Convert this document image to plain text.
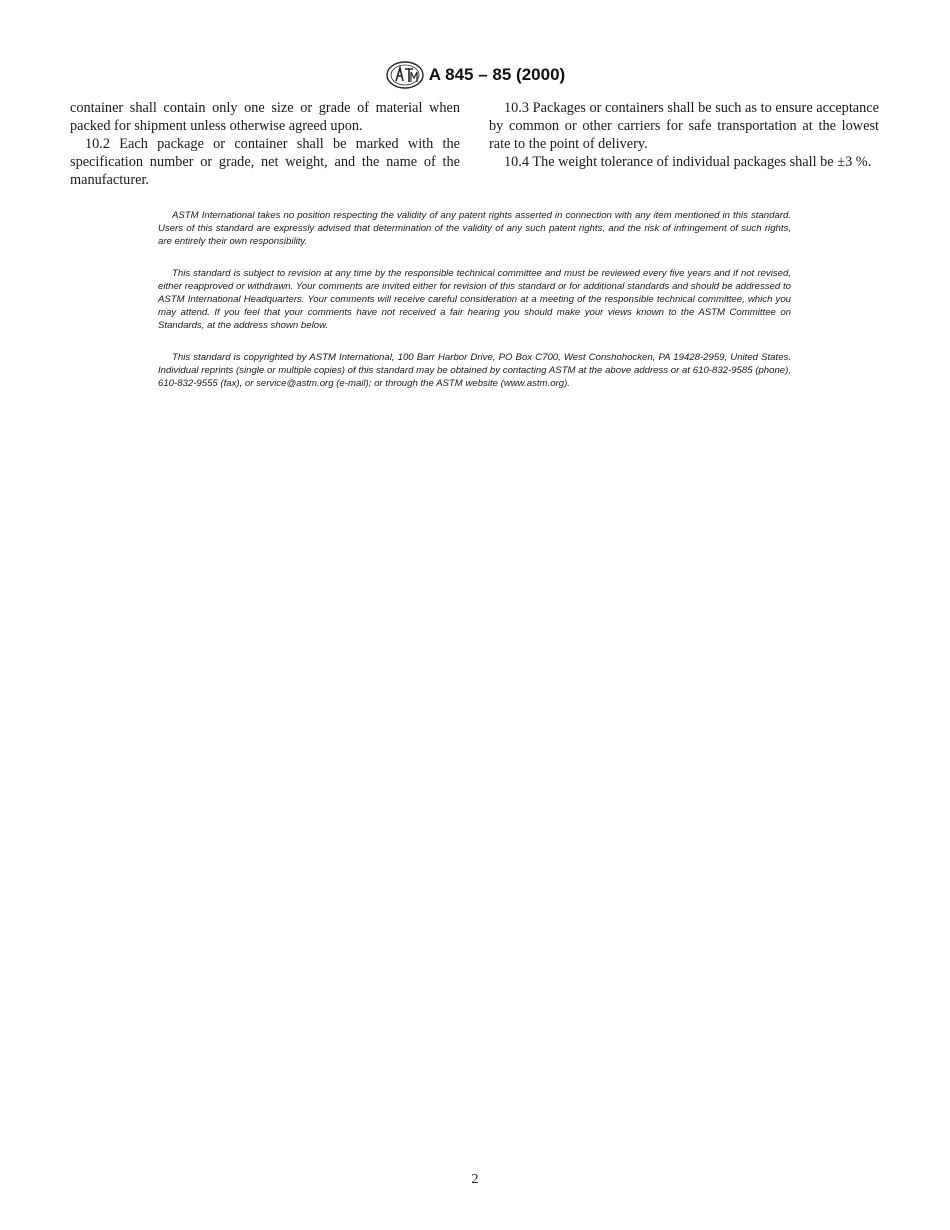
A 845 – 85 (2000)

container shall contain only one size or grade of material when packed for shipment unless otherwise agreed upon.

10.2 Each package or container shall be marked with the specification number or grade, net weight, and the name of the manufacturer.

10.3 Packages or containers shall be such as to ensure acceptance by common or other carriers for safe transportation at the lowest rate to the point of delivery.

10.4 The weight tolerance of individual packages shall be ±3 %.

ASTM International takes no position respecting the validity of any patent rights asserted in connection with any item mentioned in this standard. Users of this standard are expressly advised that determination of the validity of any such patent rights, and the risk of infringement of such rights, are entirely their own responsibility.

This standard is subject to revision at any time by the responsible technical committee and must be reviewed every five years and if not revised, either reapproved or withdrawn. Your comments are invited either for revision of this standard or for additional standards and should be addressed to ASTM International Headquarters. Your comments will receive careful consideration at a meeting of the responsible technical committee, which you may attend. If you feel that your comments have not received a fair hearing you should make your views known to the ASTM Committee on Standards, at the address shown below.

This standard is copyrighted by ASTM International, 100 Barr Harbor Drive, PO Box C700, West Conshohocken, PA 19428-2959, United States. Individual reprints (single or multiple copies) of this standard may be obtained by contacting ASTM at the above address or at 610-832-9585 (phone), 610-832-9555 (fax), or service@astm.org (e-mail); or through the ASTM website (www.astm.org).

2
